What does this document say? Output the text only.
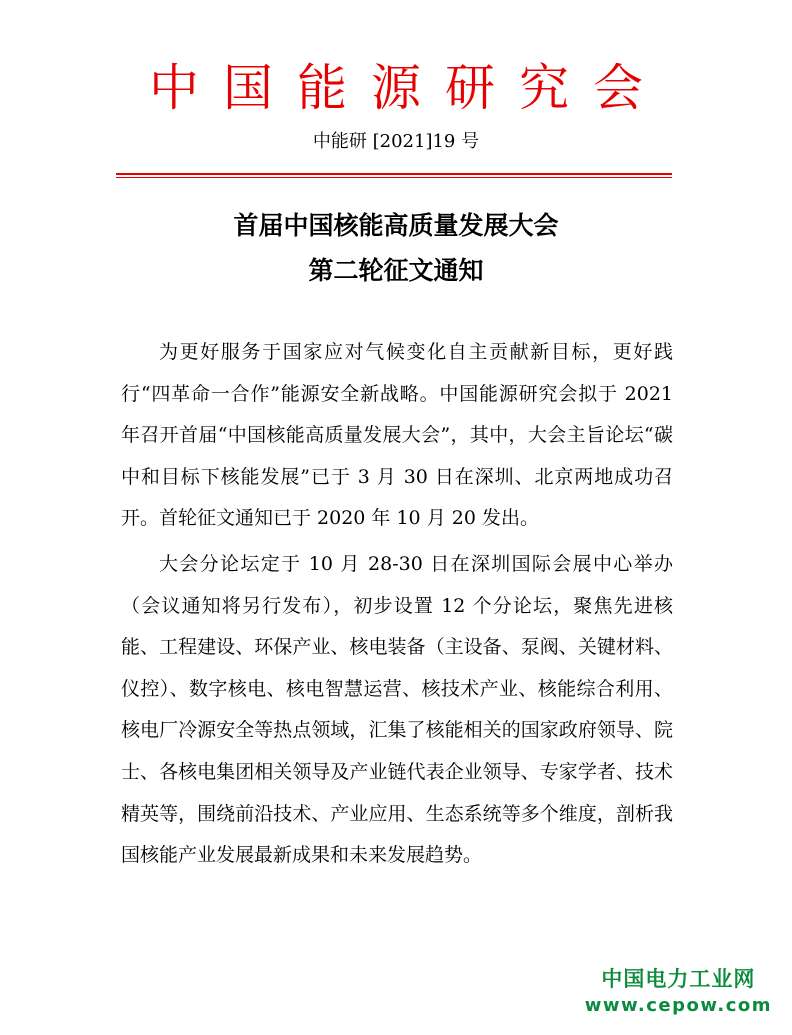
中国能源研究会
中能研 [2021]19 号
首届中国核能高质量发展大会
第二轮征文通知

为更好服务于国家应对气候变化自主贡献新目标，更好践行“四革命一合作”能源安全新战略。中国能源研究会拟于 2021 年召开首届“中国核能高质量发展大会”，其中，大会主旨论坛“碳中和目标下核能发展”已于 3 月 30 日在深圳、北京两地成功召开。首轮征文通知已于 2020 年 10 月 20 发出。

大会分论坛定于 10 月 28-30 日在深圳国际会展中心举办（会议通知将另行发布），初步设置 12 个分论坛，聚焦先进核能、工程建设、环保产业、核电装备（主设备、泵阀、关键材料、仪控）、数字核电、核电智慧运营、核技术产业、核能综合利用、核电厂冷源安全等热点领域，汇集了核能相关的国家政府领导、院士、各核电集团相关领导及产业链代表企业领导、专家学者、技术精英等，围绕前沿技术、产业应用、生态系统等多个维度，剖析我国核能产业发展最新成果和未来发展趋势。

中国电力工业网
www.cepow.com
